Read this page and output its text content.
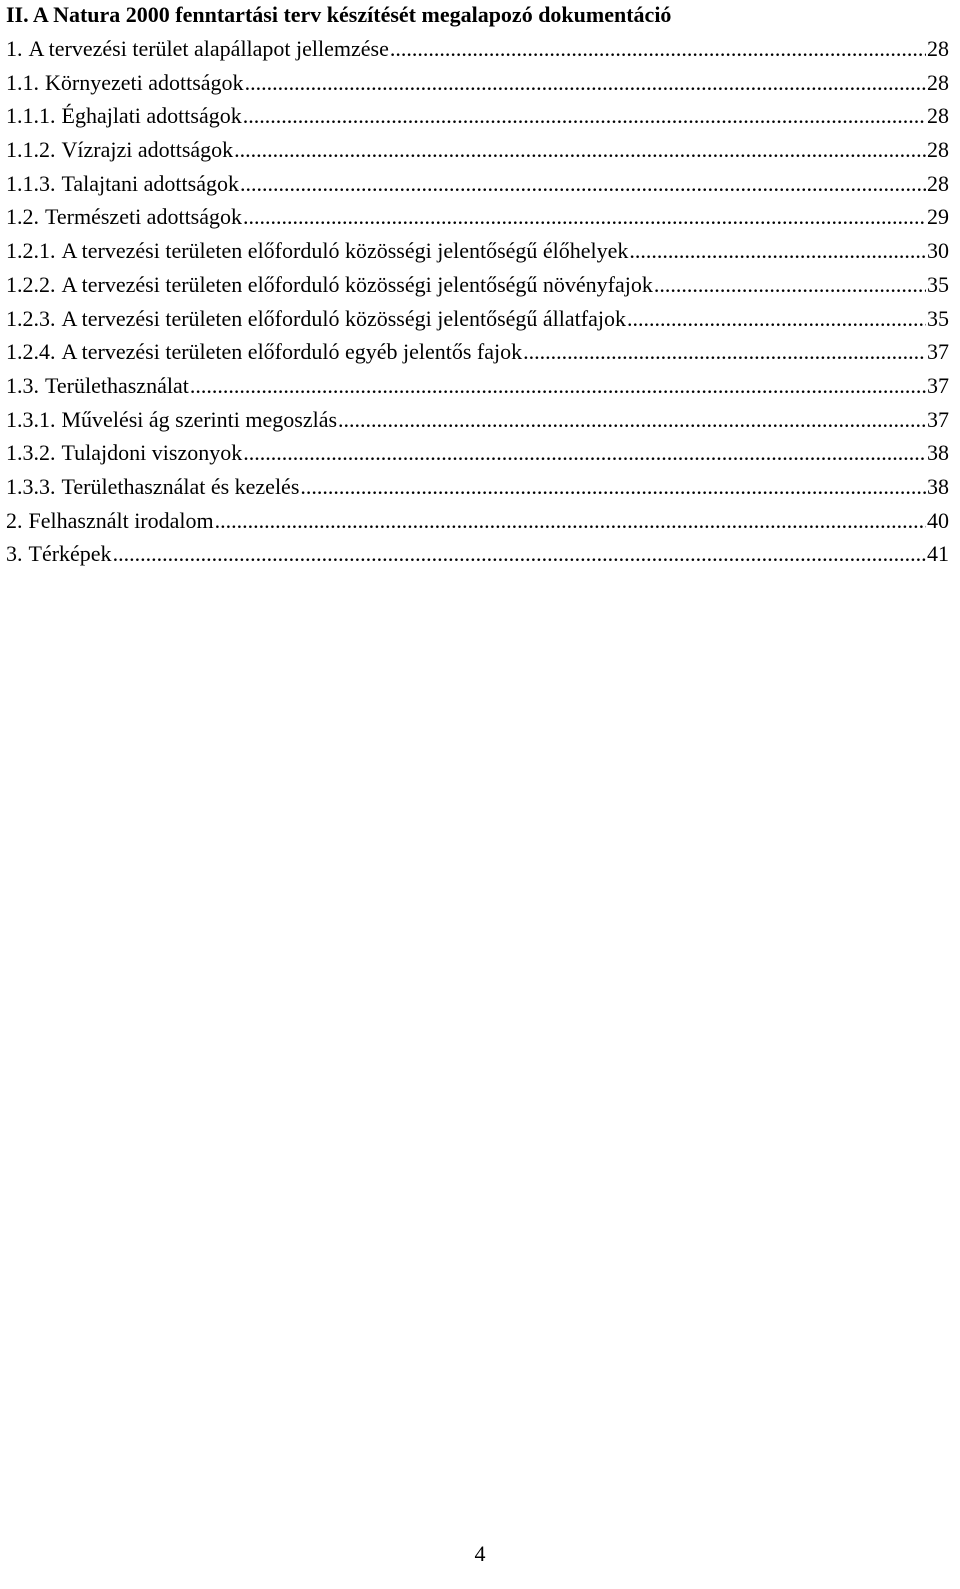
II. A Natura 2000 fenntartási terv készítését megalapozó dokumentáció
1. A tervezési terület alapállapot jellemzése .....	28
1.1. Környezeti adottságok .....	28
1.1.1. Éghajlati adottságok .....	28
1.1.2. Vízrajzi adottságok .....	28
1.1.3. Talajtani adottságok .....	28
1.2. Természeti adottságok .....	29
1.2.1. A tervezési területen előforduló közösségi jelentőségű élőhelyek .....	30
1.2.2. A tervezési területen előforduló közösségi jelentőségű növényfajok .....	35
1.2.3. A tervezési területen előforduló közösségi jelentőségű állatfajok .....	35
1.2.4. A tervezési területen előforduló egyéb jelentős fajok .....	37
1.3. Területhasználat .....	37
1.3.1. Művelési ág szerinti megoszlás .....	37
1.3.2. Tulajdoni viszonyok .....	38
1.3.3. Területhasználat és kezelés .....	38
2. Felhasznált irodalom .....	40
3. Térképek .....	41
4
